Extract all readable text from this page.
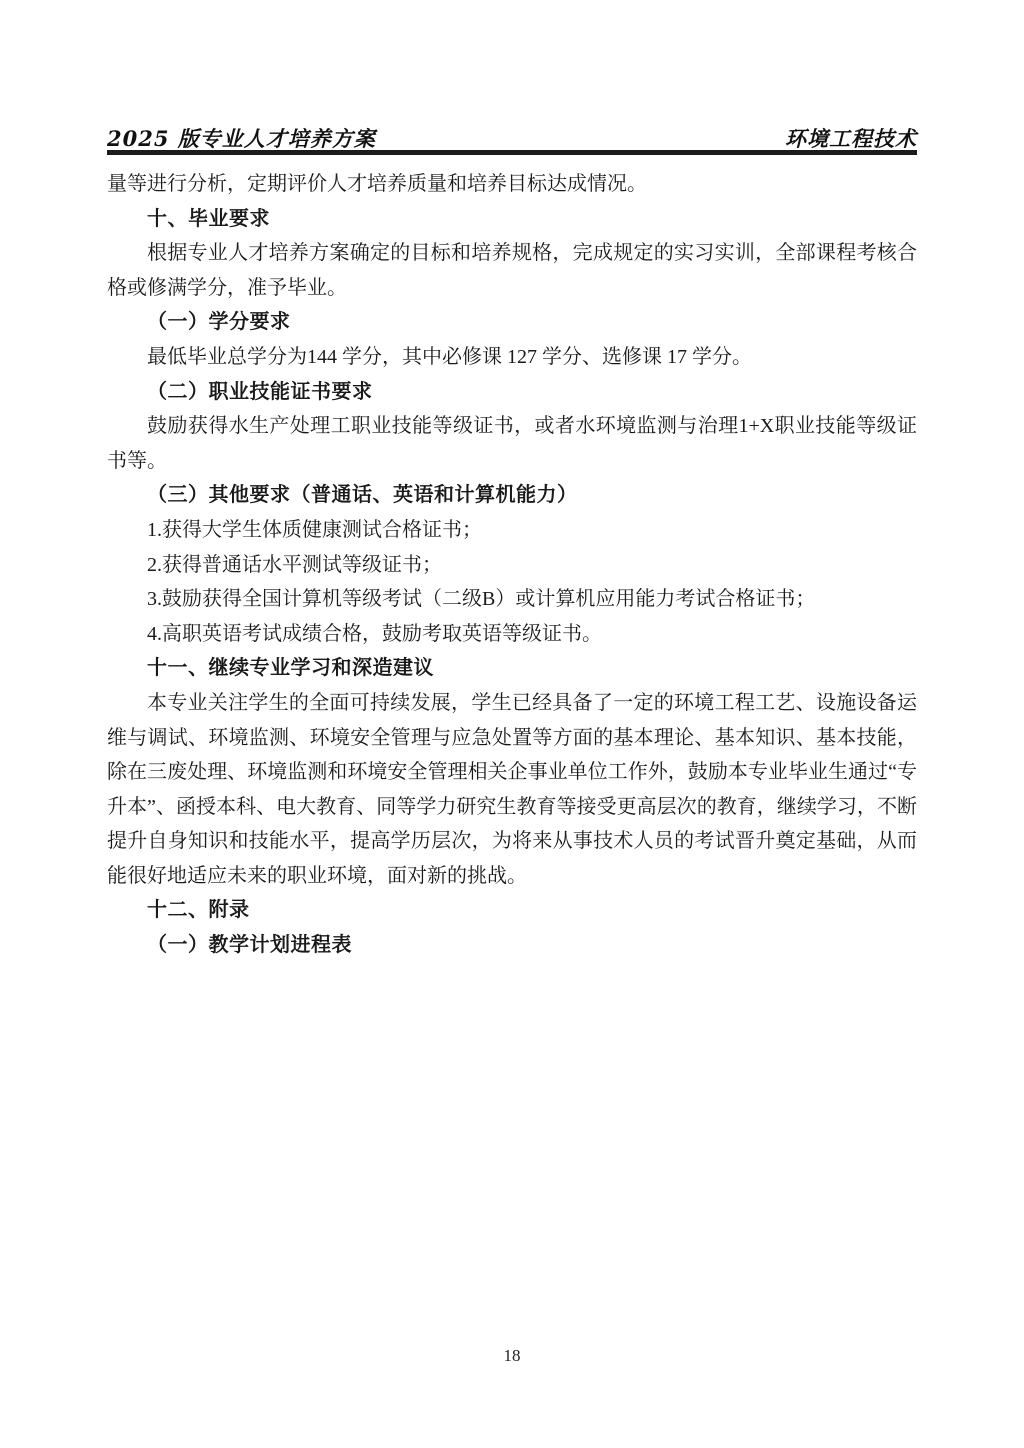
2025 版专业人才培养方案	环境工程技术

量等进行分析，定期评价人才培养质量和培养目标达成情况。

十、毕业要求

根据专业人才培养方案确定的目标和培养规格，完成规定的实习实训，全部课程考核合格或修满学分，准予毕业。

（一）学分要求

最低毕业总学分为144 学分，其中必修课 127 学分、选修课 17 学分。

（二）职业技能证书要求

鼓励获得水生产处理工职业技能等级证书，或者水环境监测与治理1+X职业技能等级证书等。

（三）其他要求（普通话、英语和计算机能力）

1.获得大学生体质健康测试合格证书；

2.获得普通话水平测试等级证书；

3.鼓励获得全国计算机等级考试（二级B）或计算机应用能力考试合格证书；

4.高职英语考试成绩合格，鼓励考取英语等级证书。

十一、继续专业学习和深造建议

本专业关注学生的全面可持续发展，学生已经具备了一定的环境工程工艺、设施设备运维与调试、环境监测、环境安全管理与应急处置等方面的基本理论、基本知识、基本技能，除在三废处理、环境监测和环境安全管理相关企事业单位工作外，鼓励本专业毕业生通过“专升本”、函授本科、电大教育、同等学力研究生教育等接受更高层次的教育，继续学习，不断提升自身知识和技能水平，提高学历层次，为将来从事技术人员的考试晋升奠定基础，从而能很好地适应未来的职业环境，面对新的挑战。

十二、附录

（一）教学计划进程表

18
